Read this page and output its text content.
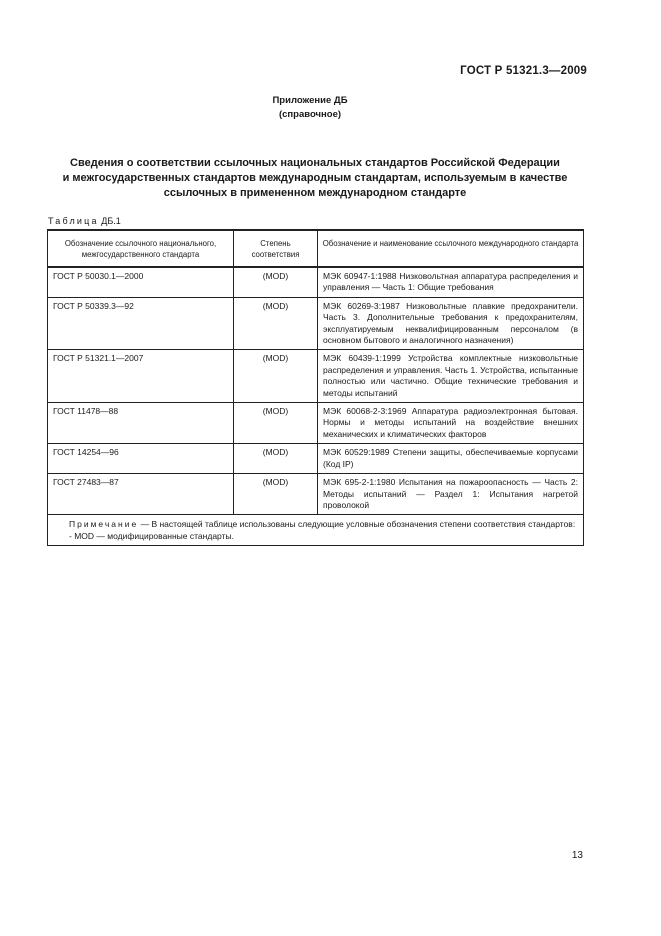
ГОСТ Р 51321.3—2009
Приложение ДБ
(справочное)
Сведения о соответствии ссылочных национальных стандартов Российской Федерации
и межгосударственных стандартов международным стандартам, используемым в качестве
ссылочных в примененном международном стандарте
Таблица ДБ.1
Обозначение ссылочного национального, межгосударственного стандарта	Степень соответствия	Обозначение и наименование ссылочного международного стандарта
ГОСТ Р 50030.1—2000	(MOD)	МЭК 60947-1:1988 Низковольтная аппаратура распределения и управления — Часть 1: Общие требования
ГОСТ Р 50339.3—92	(MOD)	МЭК 60269-3:1987 Низковольтные плавкие предохранители. Часть 3. Дополнительные требования к предохранителям, эксплуатируемым неквалифицированным персоналом (в основном бытового и аналогичного назначения)
ГОСТ Р 51321.1—2007	(MOD)	МЭК 60439-1:1999 Устройства комплектные низковольтные распределения и управления. Часть 1. Устройства, испытанные полностью или частично. Общие технические требования и методы испытаний
ГОСТ 11478—88	(MOD)	МЭК 60068-2-3:1969 Аппаратура радиоэлектронная бытовая. Нормы и методы испытаний на воздействие внешних механических и климатических факторов
ГОСТ 14254—96	(MOD)	МЭК 60529:1989 Степени защиты, обеспечиваемые корпусами (Код IP)
ГОСТ 27483—87	(MOD)	МЭК 695-2-1:1980 Испытания на пожароопасность — Часть 2: Методы испытаний — Раздел 1: Испытания нагретой проволокой

Примечание — В настоящей таблице использованы следующие условные обозначения степени соответствия стандартов:
- MOD — модифицированные стандарты.		
13
